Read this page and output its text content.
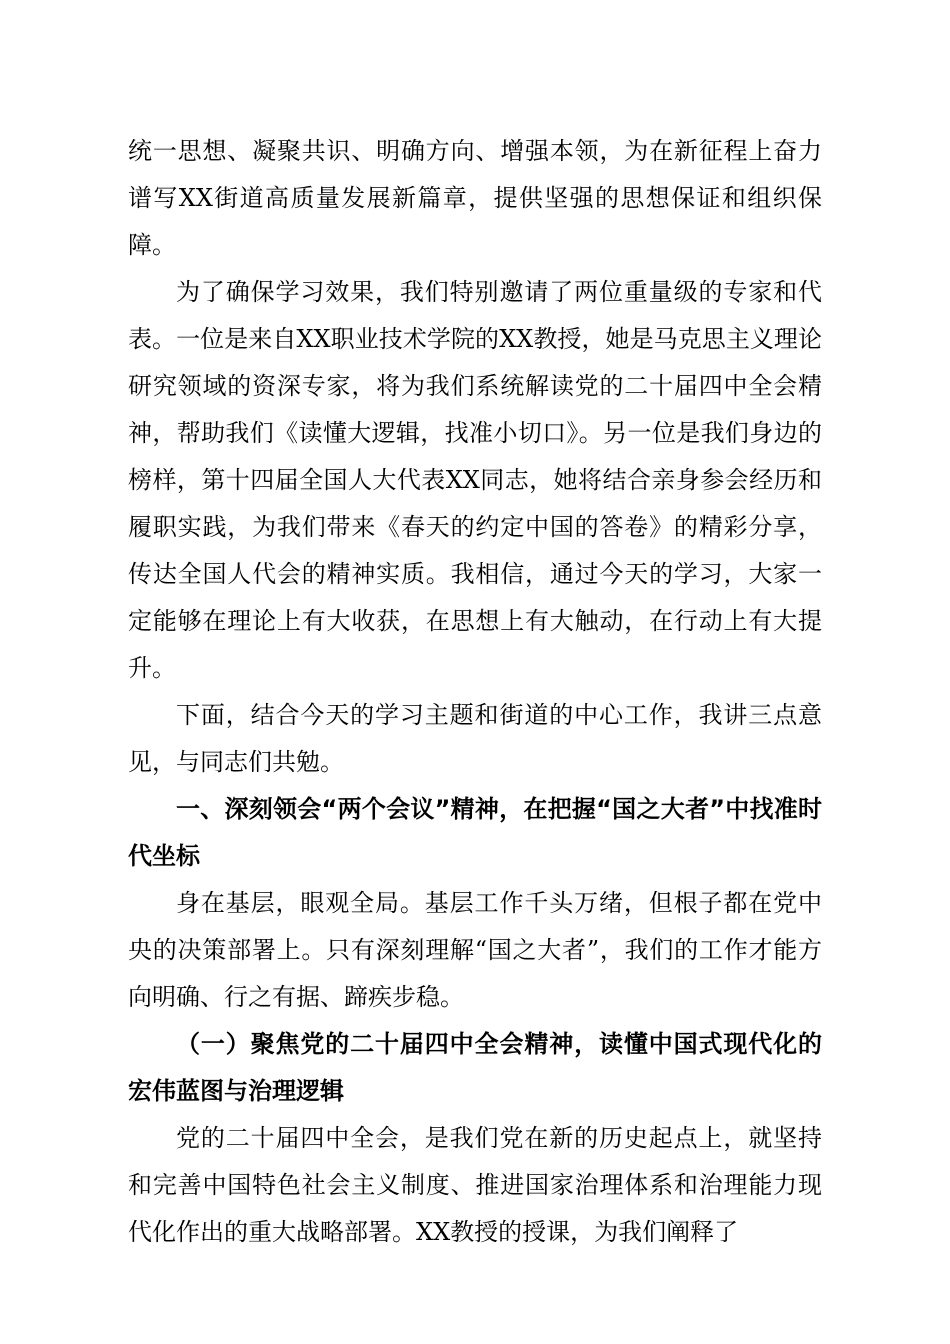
统一思想、凝聚共识、明确方向、增强本领，为在新征程上奋力谱写XX街道高质量发展新篇章，提供坚强的思想保证和组织保障。

为了确保学习效果，我们特别邀请了两位重量级的专家和代表。一位是来自XX职业技术学院的XX教授，她是马克思主义理论研究领域的资深专家，将为我们系统解读党的二十届四中全会精神，帮助我们《读懂大逻辑，找准小切口》。另一位是我们身边的榜样，第十四届全国人大代表XX同志，她将结合亲身参会经历和履职实践，为我们带来《春天的约定中国的答卷》的精彩分享，传达全国人代会的精神实质。我相信，通过今天的学习，大家一定能够在理论上有大收获，在思想上有大触动，在行动上有大提升。

下面，结合今天的学习主题和街道的中心工作，我讲三点意见，与同志们共勉。

一、深刻领会“两个会议”精神，在把握“国之大者”中找准时代坐标

身在基层，眼观全局。基层工作千头万绪，但根子都在党中央的决策部署上。只有深刻理解“国之大者”，我们的工作才能方向明确、行之有据、蹄疾步稳。

（一）聚焦党的二十届四中全会精神，读懂中国式现代化的宏伟蓝图与治理逻辑

党的二十届四中全会，是我们党在新的历史起点上，就坚持和完善中国特色社会主义制度、推进国家治理体系和治理能力现代化作出的重大战略部署。XX教授的授课，为我们阐释了
